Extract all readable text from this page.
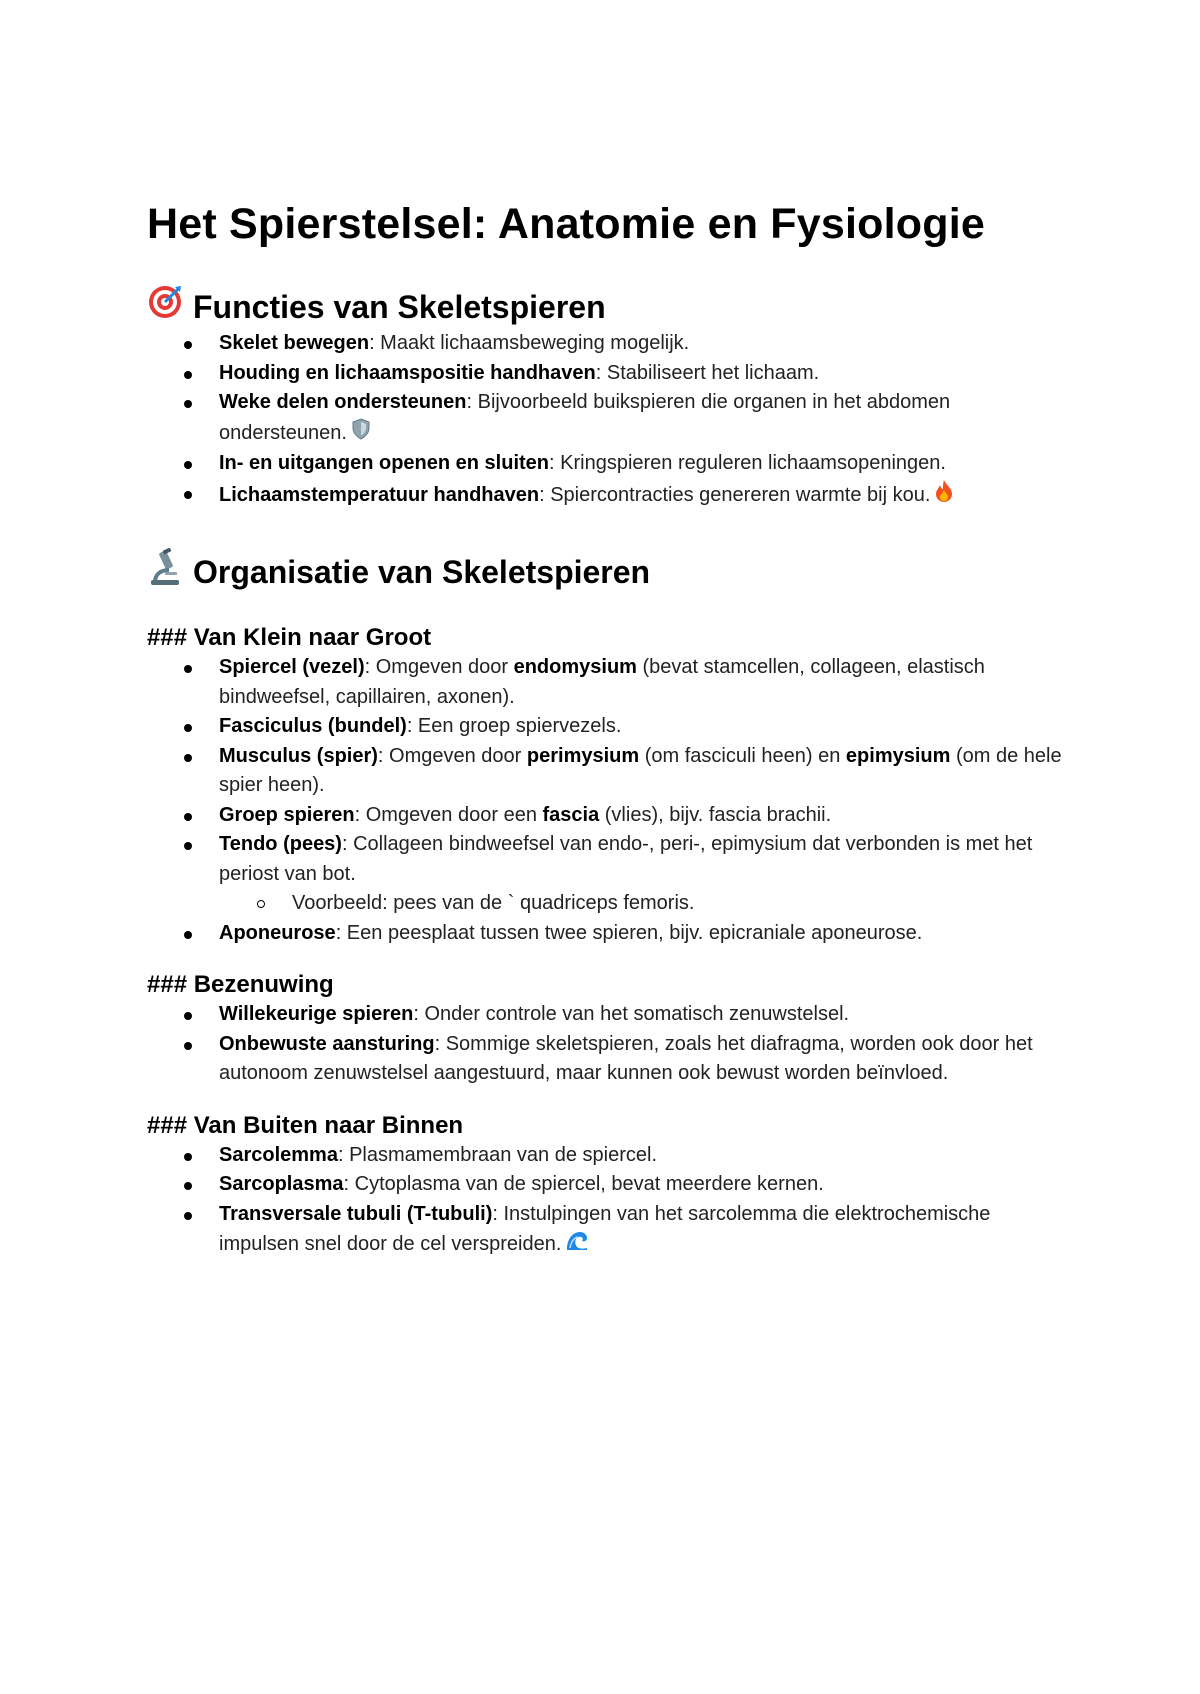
Het Spierstelsel: Anatomie en Fysiologie
Functies van Skeletspieren
Skelet bewegen: Maakt lichaamsbeweging mogelijk.
Houding en lichaamspositie handhaven: Stabiliseert het lichaam.
Weke delen ondersteunen: Bijvoorbeeld buikspieren die organen in het abdomen ondersteunen.
In- en uitgangen openen en sluiten: Kringspieren reguleren lichaamsopeningen.
Lichaamstemperatuur handhaven: Spiercontracties genereren warmte bij kou.
Organisatie van Skeletspieren
### Van Klein naar Groot
Spiercel (vezel): Omgeven door endomysium (bevat stamcellen, collageen, elastisch bindweefsel, capillairen, axonen).
Fasciculus (bundel): Een groep spiervezels.
Musculus (spier): Omgeven door perimysium (om fasciculi heen) en epimysium (om de hele spier heen).
Groep spieren: Omgeven door een fascia (vlies), bijv. fascia brachii.
Tendo (pees): Collageen bindweefsel van endo-, peri-, epimysium dat verbonden is met het periost van bot.
Voorbeeld: pees van de ` quadriceps femoris.
Aponeurose: Een peesplaat tussen twee spieren, bijv. epicraniale aponeurose.
### Bezenuwing
Willekeurige spieren: Onder controle van het somatisch zenuwstelsel.
Onbewuste aansturing: Sommige skeletspieren, zoals het diafragma, worden ook door het autonoom zenuwstelsel aangestuurd, maar kunnen ook bewust worden beïnvloed.
### Van Buiten naar Binnen
Sarcolemma: Plasmamembraan van de spiercel.
Sarcoplasma: Cytoplasma van de spiercel, bevat meerdere kernen.
Transversale tubuli (T-tubuli): Instulpingen van het sarcolemma die elektrochemische impulsen snel door de cel verspreiden.
